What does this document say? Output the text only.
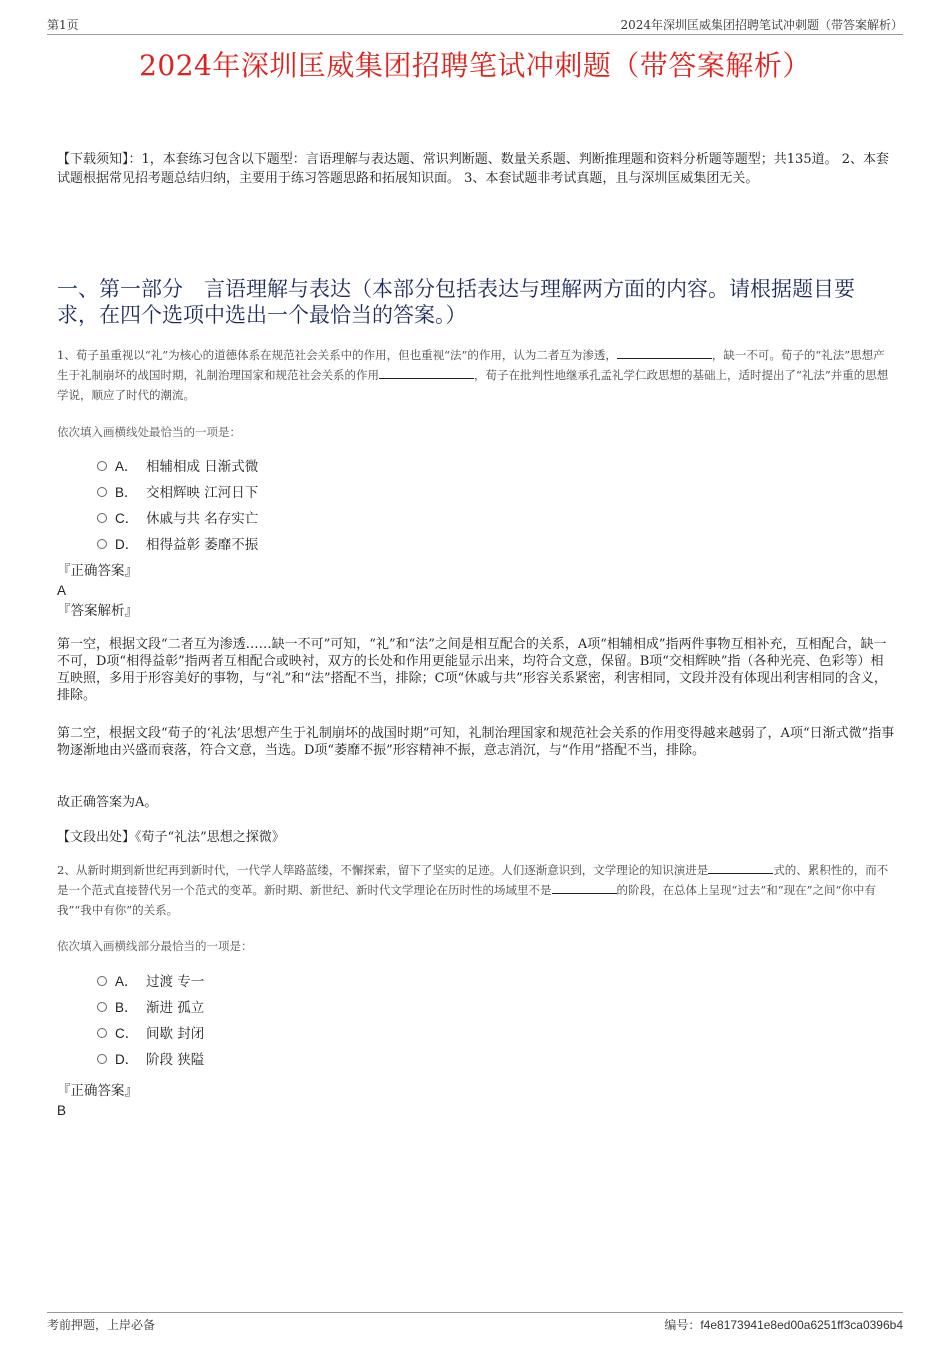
第1页	2024年深圳匡威集团招聘笔试冲刺题（带答案解析）
2024年深圳匡威集团招聘笔试冲刺题（带答案解析）
【下载须知】：1，本套练习包含以下题型：言语理解与表达题、常识判断题、数量关系题、判断推理题和资料分析题等题型；共135道。 2、本套试题根据常见招考题总结归纳，主要用于练习答题思路和拓展知识面。 3、本套试题非考试真题，且与深圳匡威集团无关。
一、第一部分　言语理解与表达（本部分包括表达与理解两方面的内容。请根据题目要求，在四个选项中选出一个最恰当的答案。）
1、荀子虽重视以“礼”为核心的道德体系在规范社会关系中的作用，但也重视“法”的作用，认为二者互为渗透，	，缺一不可。荀子的“礼法”思想产生于礼制崩坏的战国时期，礼制治理国家和规范社会关系的作用	，荀子在批判性地继承孔孟礼学仁政思想的基础上，适时提出了“礼法”并重的思想学说，顺应了时代的潮流。
依次填入画横线处最恰当的一项是：
A． 相辅相成 日渐式微
B． 交相辉映 江河日下
C． 休戚与共 名存实亡
D． 相得益彰 萎靡不振
『正确答案』
A
『答案解析』
第一空，根据文段“二者互为渗透……缺一不可”可知，“礼”和“法”之间是相互配合的关系，A项“相辅相成”指两件事物互相补充，互相配合，缺一不可，D项“相得益彰”指两者互相配合或映衬，双方的长处和作用更能显示出来，均符合文意，保留。B项“交相辉映”指（各种光亮、色彩等）相互映照，多用于形容美好的事物，与“礼”和“法”搭配不当，排除；C项“休戚与共”形容关系紧密，利害相同，文段并没有体现出利害相同的含义，排除。
第二空，根据文段“荀子的‘礼法’思想产生于礼制崩坏的战国时期”可知，礼制治理国家和规范社会关系的作用变得越来越弱了，A项“日渐式微”指事物逐渐地由兴盛而衰落，符合文意，当选。D项“萎靡不振”形容精神不振，意志消沉，与“作用”搭配不当，排除。
故正确答案为A。
【文段出处】《荀子“礼法”思想之探微》
2、从新时期到新世纪再到新时代，一代学人筚路蓝缕，不懈探索，留下了坚实的足迹。人们逐渐意识到，文学理论的知识演进是	式的、累积性的，而不是一个范式直接替代另一个范式的变革。新时期、新世纪、新时代文学理论在历时性的场域里不是	的阶段，在总体上呈现“过去”和“现在”之间“你中有我”“我中有你”的关系。
依次填入画横线部分最恰当的一项是：
A． 过渡 专一
B． 渐进 孤立
C． 间歇 封闭
D． 阶段 狭隘
『正确答案』
B
考前押题，上岸必备	编号：f4e8173941e8ed00a6251ff3ca0396b4
